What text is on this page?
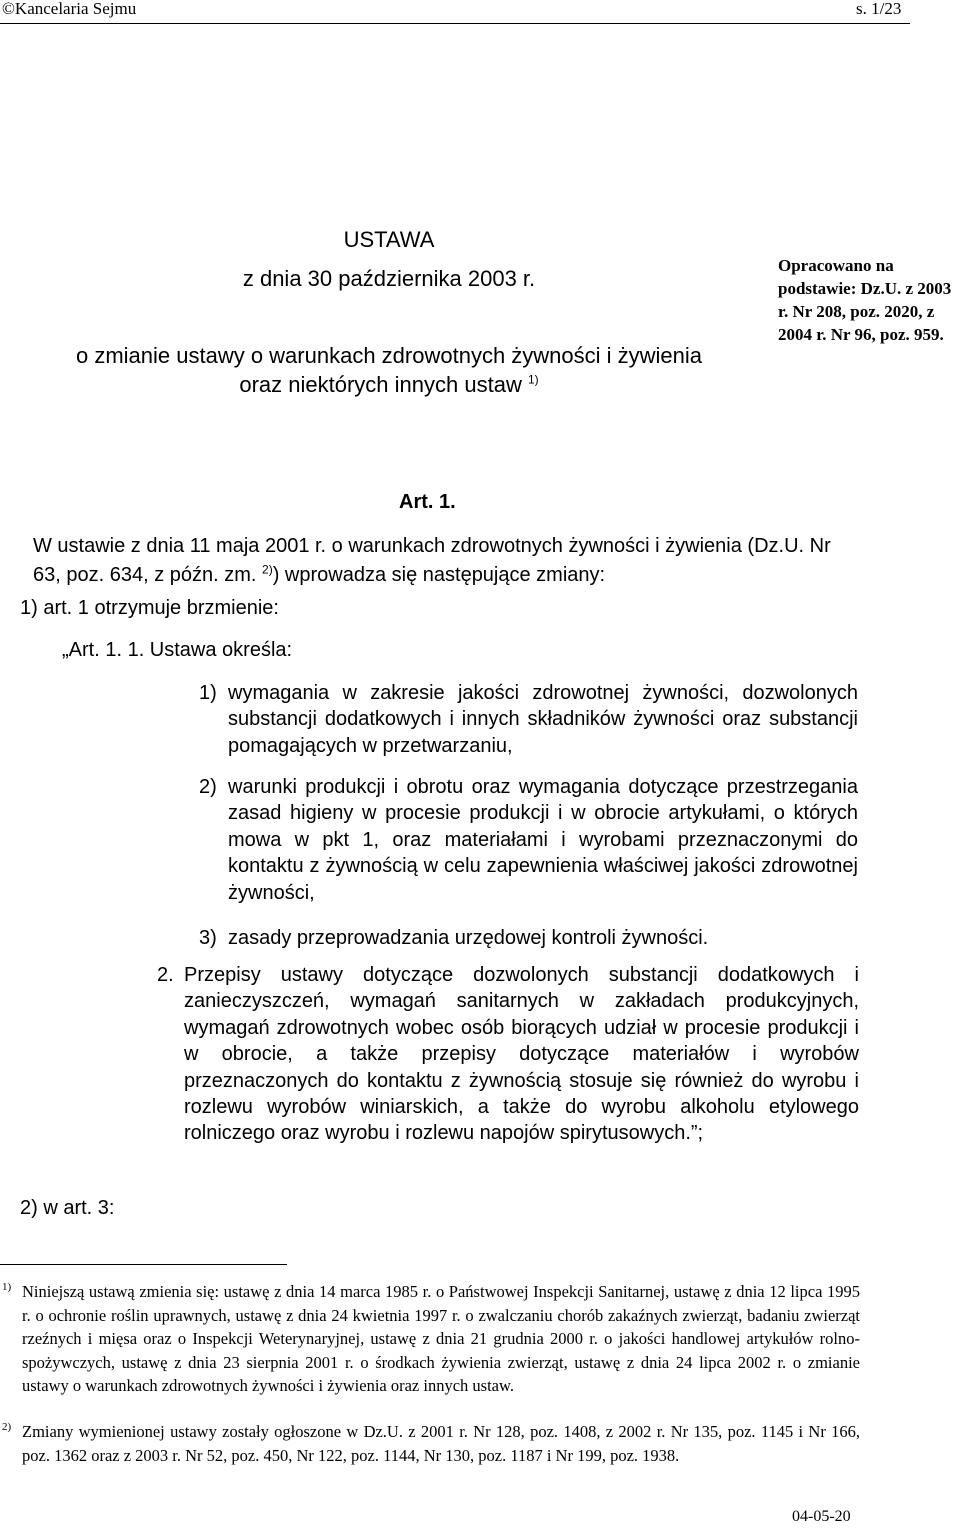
©Kancelaria Sejmu	s. 1/23
USTAWA
z dnia 30 października 2003 r.
o zmianie ustawy o warunkach zdrowotnych żywności i żywienia
oraz niektórych innych ustaw $^{1)}$
Opracowano na podstawie: Dz.U. z 2003 r. Nr 208, poz. 2020, z 2004 r. Nr 96, poz. 959.
Art. 1.
W ustawie z dnia 11 maja 2001 r. o warunkach zdrowotnych żywności i żywienia (Dz.U. Nr 63, poz. 634, z późn. zm. $^{2)}$) wprowadza się następujące zmiany:
1) art. 1 otrzymuje brzmienie:
„Art. 1. 1. Ustawa określa:
1) wymagania w zakresie jakości zdrowotnej żywności, dozwolonych substancji dodatkowych i innych składników żywności oraz substancji pomagających w przetwarzaniu,
2) warunki produkcji i obrotu oraz wymagania dotyczące przestrzegania zasad higieny w procesie produkcji i w obrocie artykułami, o których mowa w pkt 1, oraz materiałami i wyrobami przeznaczonymi do kontaktu z żywnością w celu zapewnienia właściwej jakości zdrowotnej żywności,
3) zasady przeprowadzania urzędowej kontroli żywności.
2. Przepisy ustawy dotyczące dozwolonych substancji dodatkowych i zanieczyszczeń, wymagań sanitarnych w zakładach produkcyjnych, wymagań zdrowotnych wobec osób biorących udział w procesie produkcji i w obrocie, a także przepisy dotyczące materiałów i wyrobów przeznaczonych do kontaktu z żywnością stosuje się również do wyrobu i rozlewu wyrobów winiarskich, a także do wyrobu alkoholu etylowego rolniczego oraz wyrobu i rozlewu napojów spirytusowych.”;
2) w art. 3:
1) Niniejszą ustawą zmienia się: ustawę z dnia 14 marca 1985 r. o Państwowej Inspekcji Sanitarnej, ustawę z dnia 12 lipca 1995 r. o ochronie roślin uprawnych, ustawę z dnia 24 kwietnia 1997 r. o zwalczaniu chorób zakaźnych zwierząt, badaniu zwierząt rzeźnych i mięsa oraz o Inspekcji Weterynaryjnej, ustawę z dnia 21 grudnia 2000 r. o jakości handlowej artykułów rolno-spożywczych, ustawę z dnia 23 sierpnia 2001 r. o środkach żywienia zwierząt, ustawę z dnia 24 lipca 2002 r. o zmianie ustawy o warunkach zdrowotnych żywności i żywienia oraz innych ustaw.
2) Zmiany wymienionej ustawy zostały ogłoszone w Dz.U. z 2001 r. Nr 128, poz. 1408, z 2002 r. Nr 135, poz. 1145 i Nr 166, poz. 1362 oraz z 2003 r. Nr 52, poz. 450, Nr 122, poz. 1144, Nr 130, poz. 1187 i Nr 199, poz. 1938.
04-05-20
